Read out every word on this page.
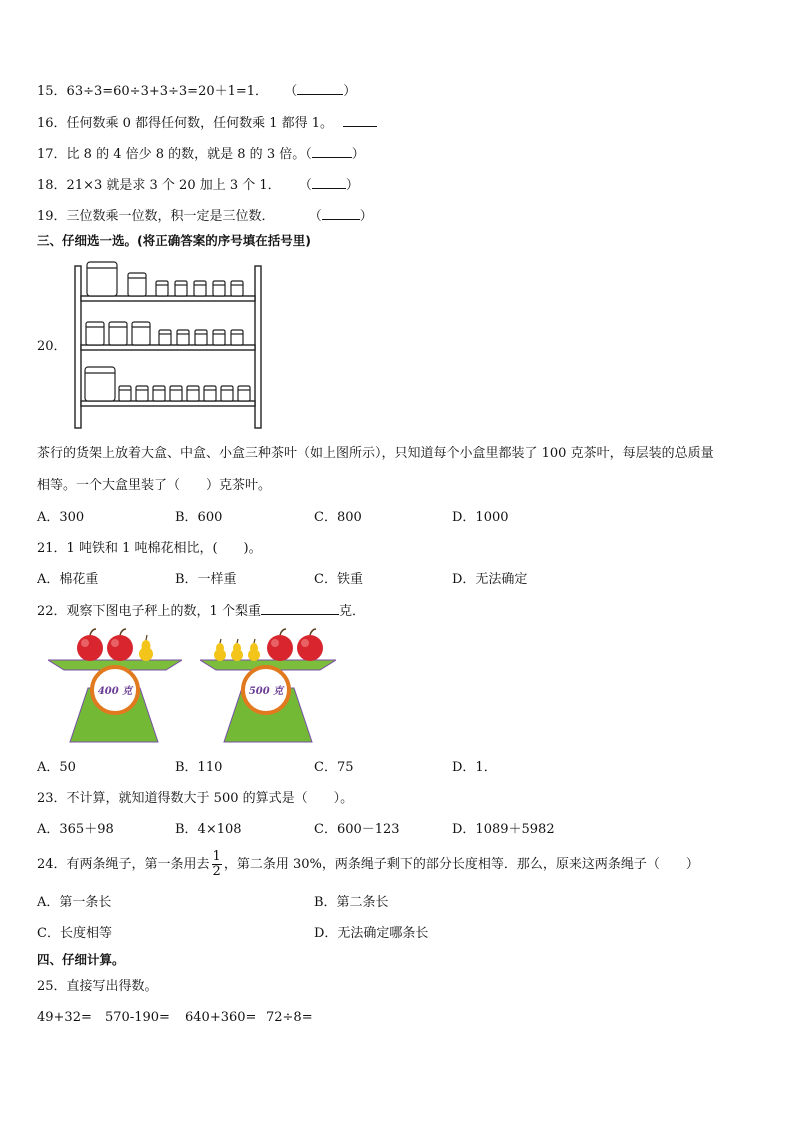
15．63÷3=60÷3+3÷3=20＋1=1． （	）
16．任何数乘 0 都得任何数，任何数乘 1 都得 1。
17．比 8 的 4 倍少 8 的数，就是 8 的 3 倍。（	）
18．21×3 就是求 3 个 20 加上 3 个 1． （	）
19．三位数乘一位数，积一定是三位数．	（	）
三、仔细选一选。(将正确答案的序号填在括号里)
20．
茶行的货架上放着大盒、中盒、小盒三种茶叶（如上图所示），只知道每个小盒里都装了 100 克茶叶，每层装的总质量
相等。一个大盒里装了（　　）克茶叶。
A．300	B．600	C．800	D．1000
21．1 吨铁和 1 吨棉花相比，(　　)。
A．棉花重	B．一样重	C．铁重	D．无法确定
22．观察下图电子秤上的数，1 个梨重	克．
400 克	500 克
A．50	B．110	C．75	D．1．
23．不计算，就知道得数大于 500 的算式是（　　）。
A．365＋98	B．4×108	C．600－123	D．1089＋5982
24．有两条绳子，第一条用去 $\frac{1}{2}$ ，第二条用 30%，两条绳子剩下的部分长度相等．那么，原来这两条绳子（　　）
A．第一条长	B．第二条长
C．长度相等	D．无法确定哪条长
四、仔细计算。
25．直接写出得数。
49+32= 570-190= 640+360= 72÷8=
